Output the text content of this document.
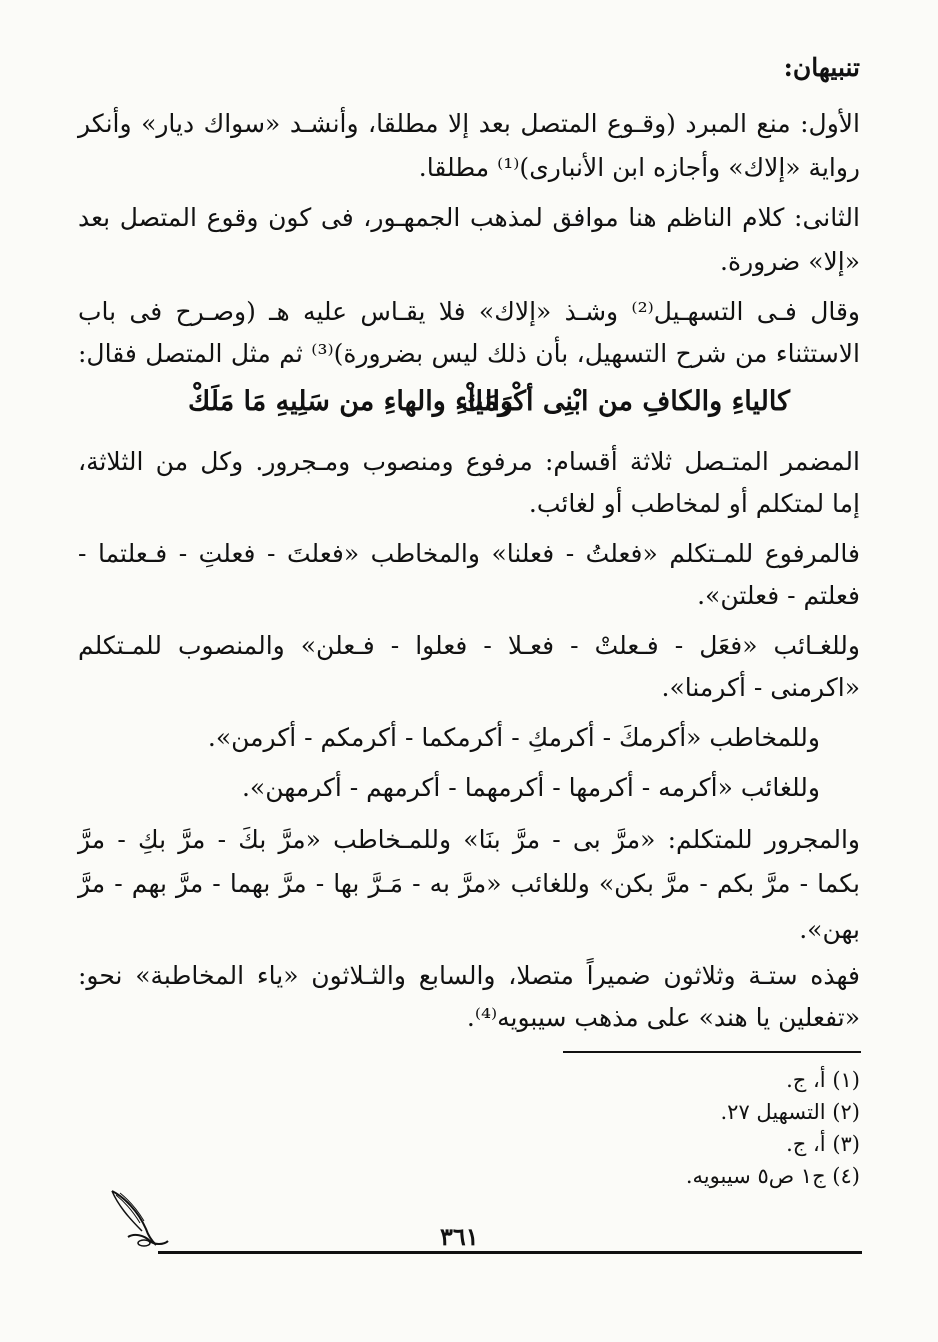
تنبيهان:
الأول: منع المبرد (وقـوع المتصل بعد إلا مطلقا، وأنشـد «سواك ديار» وأنكر
رواية «إلاك» وأجازه ابن الأنبارى)⁽¹⁾ مطلقا.
الثانى: كلام الناظم هنا موافق لمذهب الجمهـور، فى كون وقوع المتصل بعد
«إلا» ضرورة.
وقال فـى التسهـيل⁽²⁾ وشـذ «إلاك» فلا يقـاس عليه هـ (وصـرح فى باب
الاستثناء من شرح التسهيل، بأن ذلك ليس بضرورة)⁽³⁾ ثم مثل المتصل فقال:
كالياءِ والكافِ من ابْنِى أكْرَمَكْ
والياءِ والهاءِ من سَلِيهِ مَا مَلَكْ
المضمر المتـصل ثلاثة أقسام: مرفوع ومنصوب ومـجرور. وكل من الثلاثة،
إما لمتكلم أو لمخاطب أو لغائب.
فالمرفوع للمـتكلم «فعلتُ - فعلنا» والمخاطب «فعلتَ - فعلتِ - فـعلتما -
فعلتم - فعلتن».
وللغـائب «فعَل - فـعلتْ - فعـلا - فعلوا - فـعلن» والمنصوب للمـتكلم
«اكرمنى - أكرمنا».
وللمخاطب «أكرمكَ - أكرمكِ - أكرمكما - أكرمكم - أكرمن».
وللغائب «أكرمه - أكرمها - أكرمهما - أكرمهم - أكرمهن».
والمجرور للمتكلم: «مرَّ بى - مرَّ بنَا» وللمـخاطب «مرَّ بكَ - مرَّ بكِ - مرَّ
بكما - مرَّ بكم - مرَّ بكن» وللغائب «مرَّ به - مَـرَّ بها - مرَّ بهما - مرَّ بهم - مرَّ
بهن».
فهذه ستـة وثلاثون ضميراً متصلا، والسابع والثـلاثون «ياء المخاطبة» نحو:
«تفعلين يا هند» على مذهب سيبويه⁽⁴⁾.
(١) أ، ج.
(٢) التسهيل ٢٧.
(٣) أ، ج.
(٤) ج١ ص٥ سيبويه.
٣٦١
